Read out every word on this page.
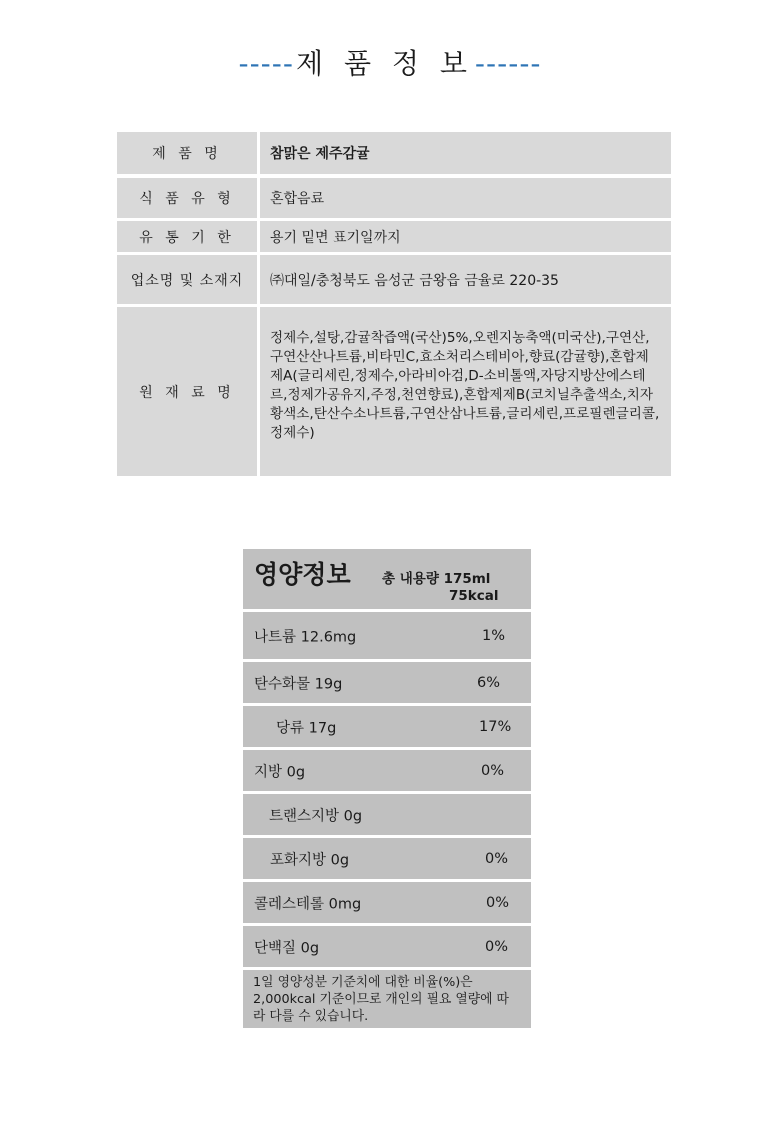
-----제 품 정 보------
제 품 명	참맑은 제주감귤
식 품 유 형	혼합음료
유 통 기 한	용기 밑면 표기일까지
업소명 및 소재지	㈜대일/충청북도 음성군 금왕읍 금율로 220-35
원 재 료 명
정제수,설탕,감귤착즙액(국산)5%,오렌지농축액(미국산),구연산,구연산산나트륨,비타민C,효소처리스테비아,향료(감귤향),혼합제제A(글리세린,정제수,아라비아검,D-소비톨액,자당지방산에스테르,정제가공유지,주정,천연향료),혼합제제B(코치닐추출색소,치자황색소,탄산수소나트륨,구연산삼나트륨,글리세린,프로필렌글리콜,정제수)
영양정보 총 내용량 175ml
75kcal
나트륨 12.6mg	1%
탄수화물 19g	6%
당류 17g	17%
지방 0g	0%
트랜스지방 0g
포화지방 0g	0%
콜레스테롤 0mg	0%
단백질 0g	0%
1일 영양성분 기준치에 대한 비율(%)은 2,000kcal 기준이므로 개인의 필요 열량에 따라 다를 수 있습니다.
